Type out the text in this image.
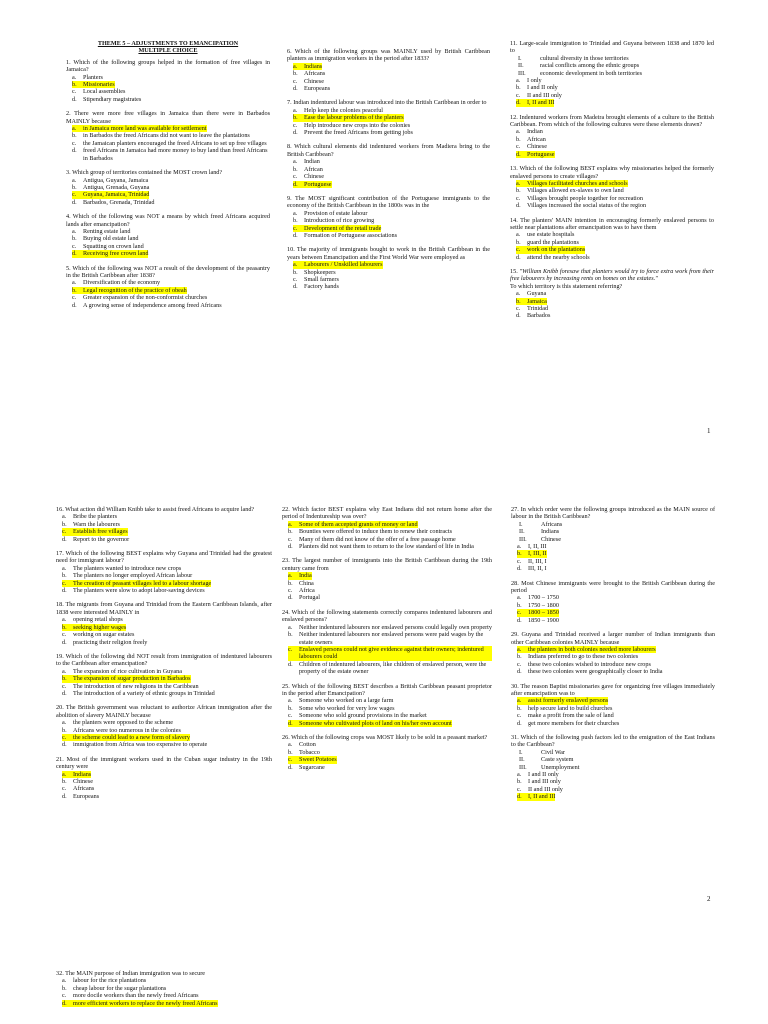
THEME 5 – ADJUSTMENTS TO EMANCIPATION
MULTIPLE CHOICE
1. Which of the following groups helped in the formation of free villages in Jamaica?
a.	Planters
b.	Missionaries
c.	Local assemblies
d.	Stipendiary magistrates
2. There were more free villages in Jamaica than there were in Barbados MAINLY because
a.	in Jamaica more land was available for settlement
b.	in Barbados the freed Africans did not want to leave the plantations
c.	the Jamaican planters encouraged the freed Africans to set up free villages
d.	freed Africans in Jamaica had more money to buy land than freed Africans in Barbados
3. Which group of territories contained the MOST crown land?
a.	Antigua, Guyana, Jamaica
b.	Antigua, Grenada, Guyana
c.	Guyana, Jamaica, Trinidad
d.	Barbados, Grenada, Trinidad
4. Which of the following was NOT a means by which freed Africans acquired lands after emancipation?
a.	Renting estate land
b.	Buying old estate land
c.	Squatting on crown land
d.	Receiving free crown land
5. Which of the following was NOT a result of the development of the peasantry in the British Caribbean after 1838?
a.	Diversification of the economy
b.	Legal recognition of the practice of obeah
c.	Greater expansion of the non-conformist churches
d.	A growing sense of independence among freed Africans
6. Which of the following groups was MAINLY used by British Caribbean planters as immigration workers in the period after 1833?
a.	Indians
b.	Africans
c.	Chinese
d.	Europeans
7. Indian indentured labour was introduced into the British Caribbean in order to
a.	Help keep the colonies peaceful
b.	Ease the labour problems of the planters
c.	Help introduce new crops into the colonies
d.	Prevent the freed Africans from getting jobs
8. Which cultural elements did indentured workers from Madiera bring to the British Caribbean?
a.	Indian
b.	African
c.	Chinese
d.	Portuguese
9. The MOST significant contribution of the Portuguese immigrants to the economy of the British Caribbean in the 1800s was in the
a.	Provision of estate labour
b.	Introduction of rice growing
c.	Development of the retail trade
d.	Formation of Portuguese associations
10. The majority of immigrants bought to work in the British Caribbean in the years between Emancipation and the First World War were employed as
a.	Labourers / Unskilled labourers
b.	Shopkeepers
c.	Small farmers
d.	Factory hands
11. Large-scale immigration to Trinidad and Guyana between 1838 and 1870 led to
I.	cultural diversity in those territories
II.	racial conflicts among the ethnic groups
III.	economic development in both territories
a.	I only
b.	I and II only
c.	II and III only
d.	I, II and III
12. Indentured workers from Madeira brought elements of a culture to the British Caribbean. From which of the following cultures were these elements drawn?
a.	Indian
b.	African
c.	Chinese
d.	Portuguese
13. Which of the following BEST explains why missionaries helped the formerly enslaved persons to create villages?
a.	Villages facilitated churches and schools
b.	Villages allowed ex-slaves to own land
c.	Villages brought people together for recreation
d.	Villages increased the social status of the region
14. The planters' MAIN intention in encouraging formerly enslaved persons to settle near plantations after emancipation was to have them
a.	use estate hospitals
b.	guard the plantations
c.	work on the plantations
d.	attend the nearby schools
15. "William Knibb foresaw that planters would try to force extra work from their free labourers by increasing rents on homes on the estates."
To which territory is this statement referring?
a.	Guyana
b.	Jamaica
c.	Trinidad
d.	Barbados
1
16. What action did William Knibb take to assist freed Africans to acquire land?
a.	Bribe the planters
b.	Warn the labourers
c.	Establish free villages
d.	Report to the governor
17. Which of the following BEST explains why Guyana and Trinidad had the greatest need for immigrant labour?
a.	The planters wanted to introduce new crops
b.	The planters no longer employed African labour
c.	The creation of peasant villages led to a labour shortage
d.	The planters were slow to adopt labor-saving devices
18. The migrants from Guyana and Trinidad from the Eastern Caribbean Islands, after 1838 were interested MAINLY in
a.	opening retail shops
b.	seeking higher wages
c.	working on sugar estates
d.	practicing their religion freely
19. Which of the following did NOT result from immigration of indentured labourers to the Caribbean after emancipation?
a.	The expansion of rice cultivation in Guyana
b.	The expansion of sugar production in Barbados
c.	The introduction of new religions in the Caribbean
d.	The introduction of a variety of ethnic groups in Trinidad
20. The British government was reluctant to authorize African immigration after the abolition of slavery MAINLY because
a.	the planters were opposed to the scheme
b.	Africans were too numerous in the colonies
c.	the scheme could lead to a new form of slavery
d.	immigration from Africa was too expensive to operate
21. Most of the immigrant workers used in the Cuban sugar industry in the 19th century were
a.	Indians
b.	Chinese
c.	Africans
d.	Europeans
22. Which factor BEST explains why East Indians did not return home after the period of Indentureship was over?
a.	Some of them accepted grants of money or land
b.	Bounties were offered to induce them to renew their contracts
c.	Many of them did not know of the offer of a free passage home
d.	Planters did not want them to return to the low standard of life in India
23. The largest number of immigrants into the British Caribbean during the 19th century came from
a.	India
b.	China
c.	Africa
d.	Portugal
24. Which of the following statements correctly compares indentured labourers and enslaved persons?
a.	Neither indentured labourers nor enslaved persons could legally own property
b.	Neither indentured labourers nor enslaved persons were paid wages by the estate owners
c.	Enslaved persons could not give evidence against their owners; indentured labourers could
d.	Children of indentured labourers, like children of enslaved person, were the property of the estate owner
25. Which of the following BEST describes a British Caribbean peasant proprietor in the period after Emancipation?
a.	Someone who worked on a large farm
b.	Some who worked for very low wages
c.	Someone who sold ground provisions in the market
d.	Someone who cultivated plots of land on his/her own account
26. Which of the following crops was MOST likely to be sold in a peasant market?
a.	Cotton
b.	Tobacco
c.	Sweet Potatoes
d.	Sugarcane
27. In which order were the following groups introduced as the MAIN source of labour in the British Caribbean?
I.	Africans
II.	Indians
III.	Chinese
a.	I, II, III
b.	I, III, II
c.	II, III, I
d.	III, II, I
28. Most Chinese immigrants were brought to the British Caribbean during the period
a.	1700 – 1750
b.	1750 – 1800
c.	1800 – 1850
d.	1850 – 1900
29. Guyana and Trinidad received a larger number of Indian immigrants than other Caribbean colonies MAINLY because
a.	the planters in both colonies needed more labourers
b.	Indians preferred to go to these two colonies
c.	these two colonies wished to introduce new crops
d.	these two colonies were geographically closer to India
30. The reason Baptist missionaries gave for organizing free villages immediately after emancipation was to
a.	assist formerly enslaved persons
b.	help secure land to build churches
c.	make a profit from the sale of land
d.	get more members for their churches
31. Which of the following push factors led to the emigration of the East Indians to the Caribbean?
I.	Civil War
II.	Caste system
III.	Unemployment
a.	I and II only
b.	I and III only
c.	II and III only
d.	I, II and III
2
32. The MAIN purpose of Indian immigration was to secure
a.	labour for the rice plantations
b.	cheap labour for the sugar plantations
c.	more docile workers than the newly freed Africans
d.	more efficient workers to replace the newly freed Africans
